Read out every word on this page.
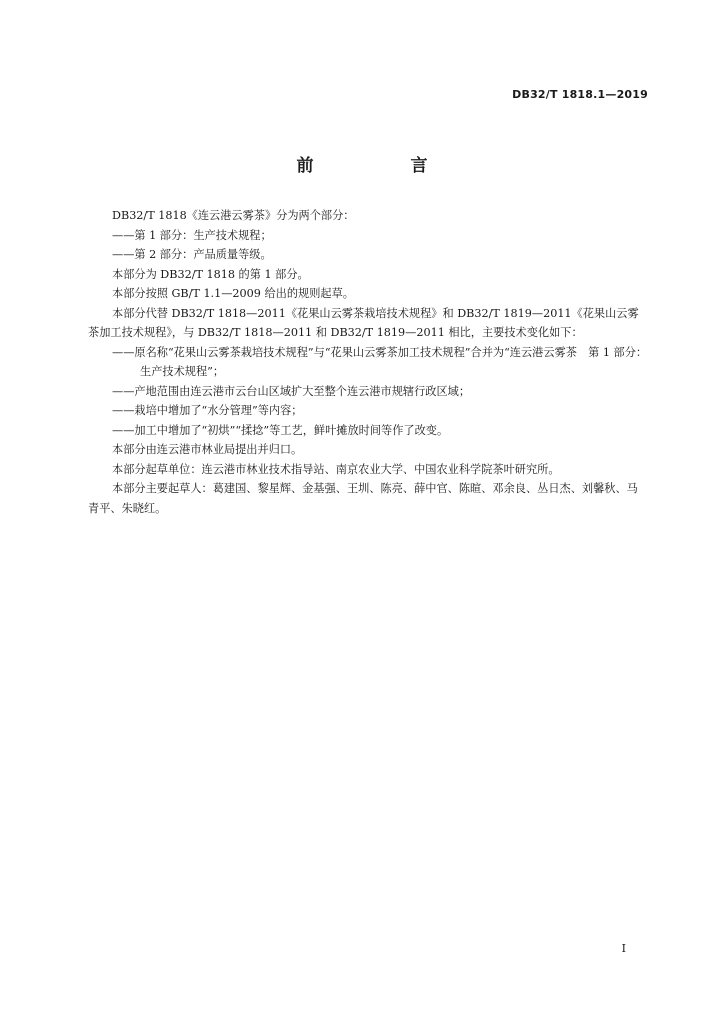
DB32/T 1818.1—2019
前　言

DB32/T 1818《连云港云雾茶》分为两个部分：

——第 1 部分：生产技术规程；

——第 2 部分：产品质量等级。

本部分为 DB32/T 1818 的第 1 部分。

本部分按照 GB/T 1.1—2009 给出的规则起草。

本部分代替 DB32/T 1818—2011《花果山云雾茶栽培技术规程》和 DB32/T 1819—2011《花果山云雾茶加工技术规程》，与 DB32/T 1818—2011 和 DB32/T 1819—2011 相比，主要技术变化如下：

——原名称“花果山云雾茶栽培技术规程”与“花果山云雾茶加工技术规程”合并为“连云港云雾茶　第 1 部分：生产技术规程”；

——产地范围由连云港市云台山区域扩大至整个连云港市规辖行政区域；

——栽培中增加了“水分管理”等内容；

——加工中增加了“初烘”“揉捻”等工艺，鲜叶摊放时间等作了改变。

本部分由连云港市林业局提出并归口。

本部分起草单位：连云港市林业技术指导站、南京农业大学、中国农业科学院茶叶研究所。

本部分主要起草人：葛建国、黎星辉、金基强、王圳、陈亮、薛中官、陈暄、邓余良、丛日杰、刘馨秋、马青平、朱晓红。

I
